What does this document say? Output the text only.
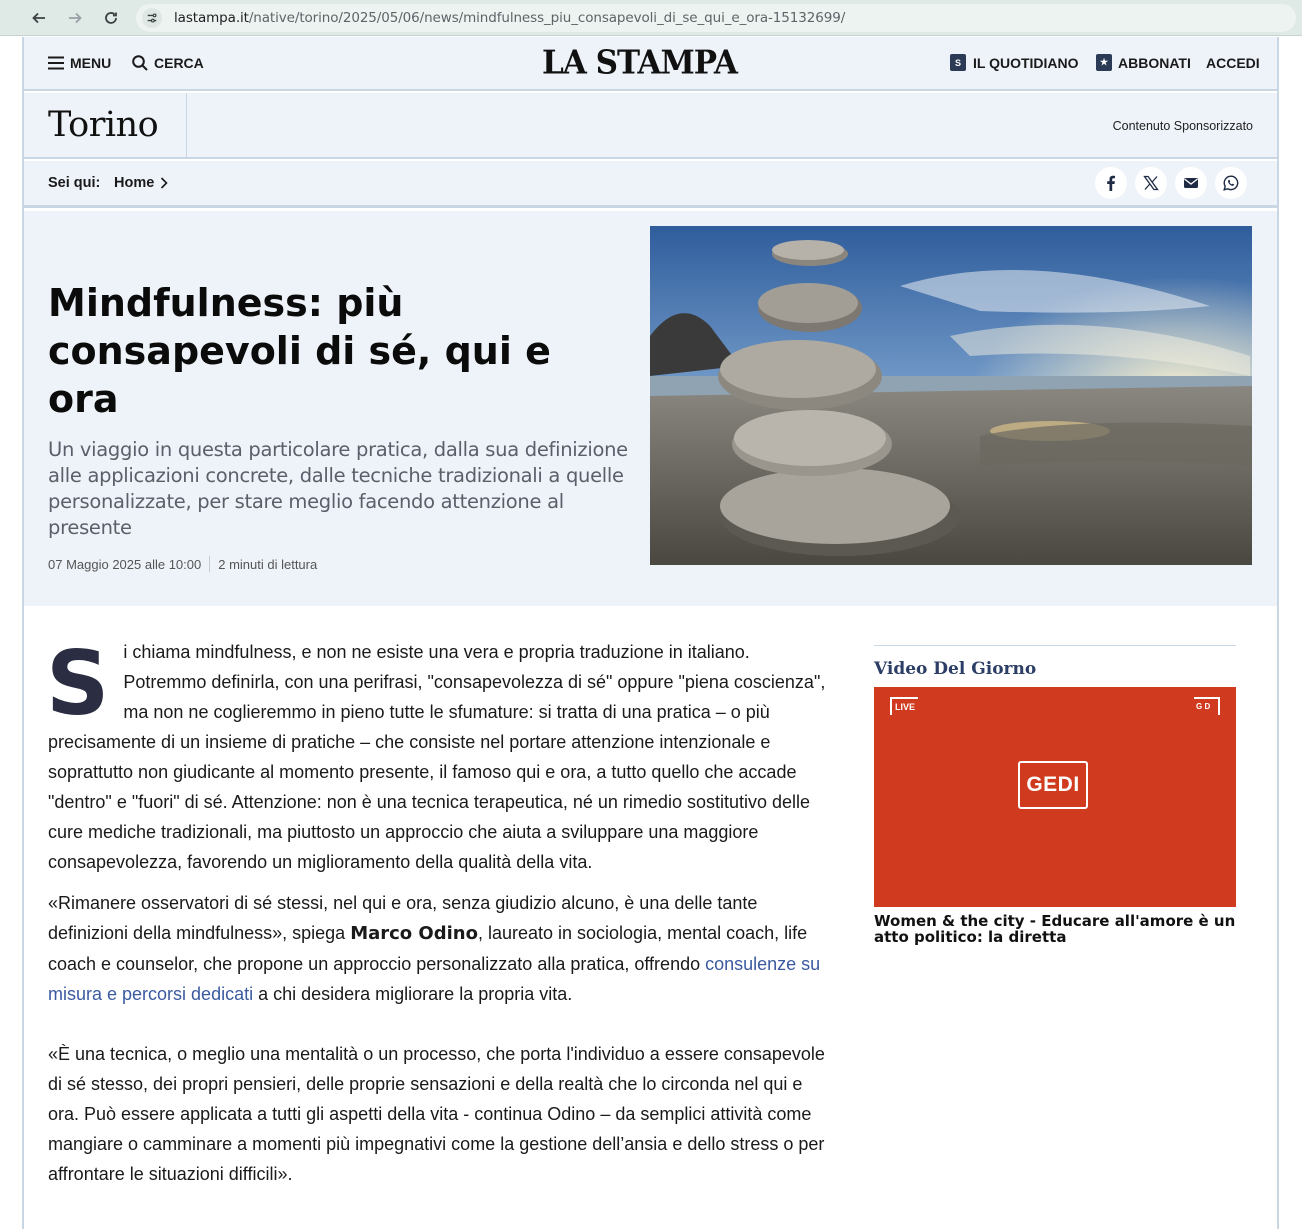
lastampa.it/native/torino/2025/05/06/news/mindfulness_piu_consapevoli_di_se_qui_e_ora-15132699/
MENU	CERCA	LA STAMPA	S IL QUOTIDIANO	★ ABBONATI ACCEDI
Torino	Contenuto Sponsorizzato
Sei qui: Home
Mindfulness: più consapevoli di sé, qui e ora
Un viaggio in questa particolare pratica, dalla sua definizione alle applicazioni concrete, dalle tecniche tradizionali a quelle personalizzate, per stare meglio facendo attenzione al presente
07 Maggio 2025 alle 10:00 2 minuti di lettura

Si chiama mindfulness, e non ne esiste una vera e propria traduzione in italiano. Potremmo definirla, con una perifrasi, "consapevolezza di sé" oppure "piena coscienza", ma non ne coglieremmo in pieno tutte le sfumature: si tratta di una pratica – o più precisamente di un insieme di pratiche – che consiste nel portare attenzione intenzionale e soprattutto non giudicante al momento presente, il famoso qui e ora, a tutto quello che accade "dentro" e "fuori" di sé. Attenzione: non è una tecnica terapeutica, né un rimedio sostitutivo delle cure mediche tradizionali, ma piuttosto un approccio che aiuta a sviluppare una maggiore consapevolezza, favorendo un miglioramento della qualità della vita.

«Rimanere osservatori di sé stessi, nel qui e ora, senza giudizio alcuno, è una delle tante definizioni della mindfulness», spiega Marco Odino, laureato in sociologia, mental coach, life coach e counselor, che propone un approccio personalizzato alla pratica, offrendo consulenze su misura e percorsi dedicati a chi desidera migliorare la propria vita.

«È una tecnica, o meglio una mentalità o un processo, che porta l'individuo a essere consapevole di sé stesso, dei propri pensieri, delle proprie sensazioni e della realtà che lo circonda nel qui e ora. Può essere applicata a tutti gli aspetti della vita - continua Odino – da semplici attività come mangiare o camminare a momenti più impegnativi come la gestione dell’ansia e dello stress o per affrontare le situazioni difficili».

Video Del Giorno
LIVE	G D
GEDI
Women & the city - Educare all'amore è un atto politico: la diretta
